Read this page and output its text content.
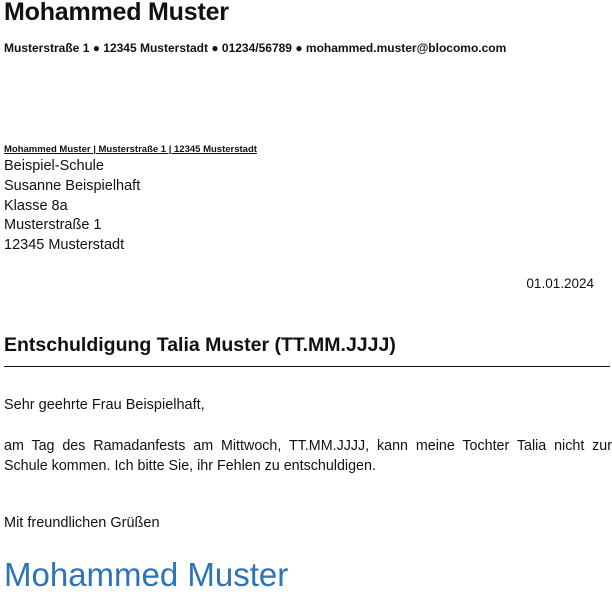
Mohammed Muster
Musterstraße 1 ● 12345 Musterstadt ● 01234/56789 ● mohammed.muster@blocomo.com
Mohammed Muster | Musterstraße 1 | 12345 Musterstadt
Beispiel-Schule
Susanne Beispielhaft
Klasse 8a
Musterstraße 1
12345 Musterstadt
01.01.2024
Entschuldigung Talia Muster (TT.MM.JJJJ)
Sehr geehrte Frau Beispielhaft,
am Tag des Ramadanfests am Mittwoch, TT.MM.JJJJ, kann meine Tochter Talia nicht zur Schule kommen. Ich bitte Sie, ihr Fehlen zu entschuldigen.
Mit freundlichen Grüßen
Mohammed Muster
